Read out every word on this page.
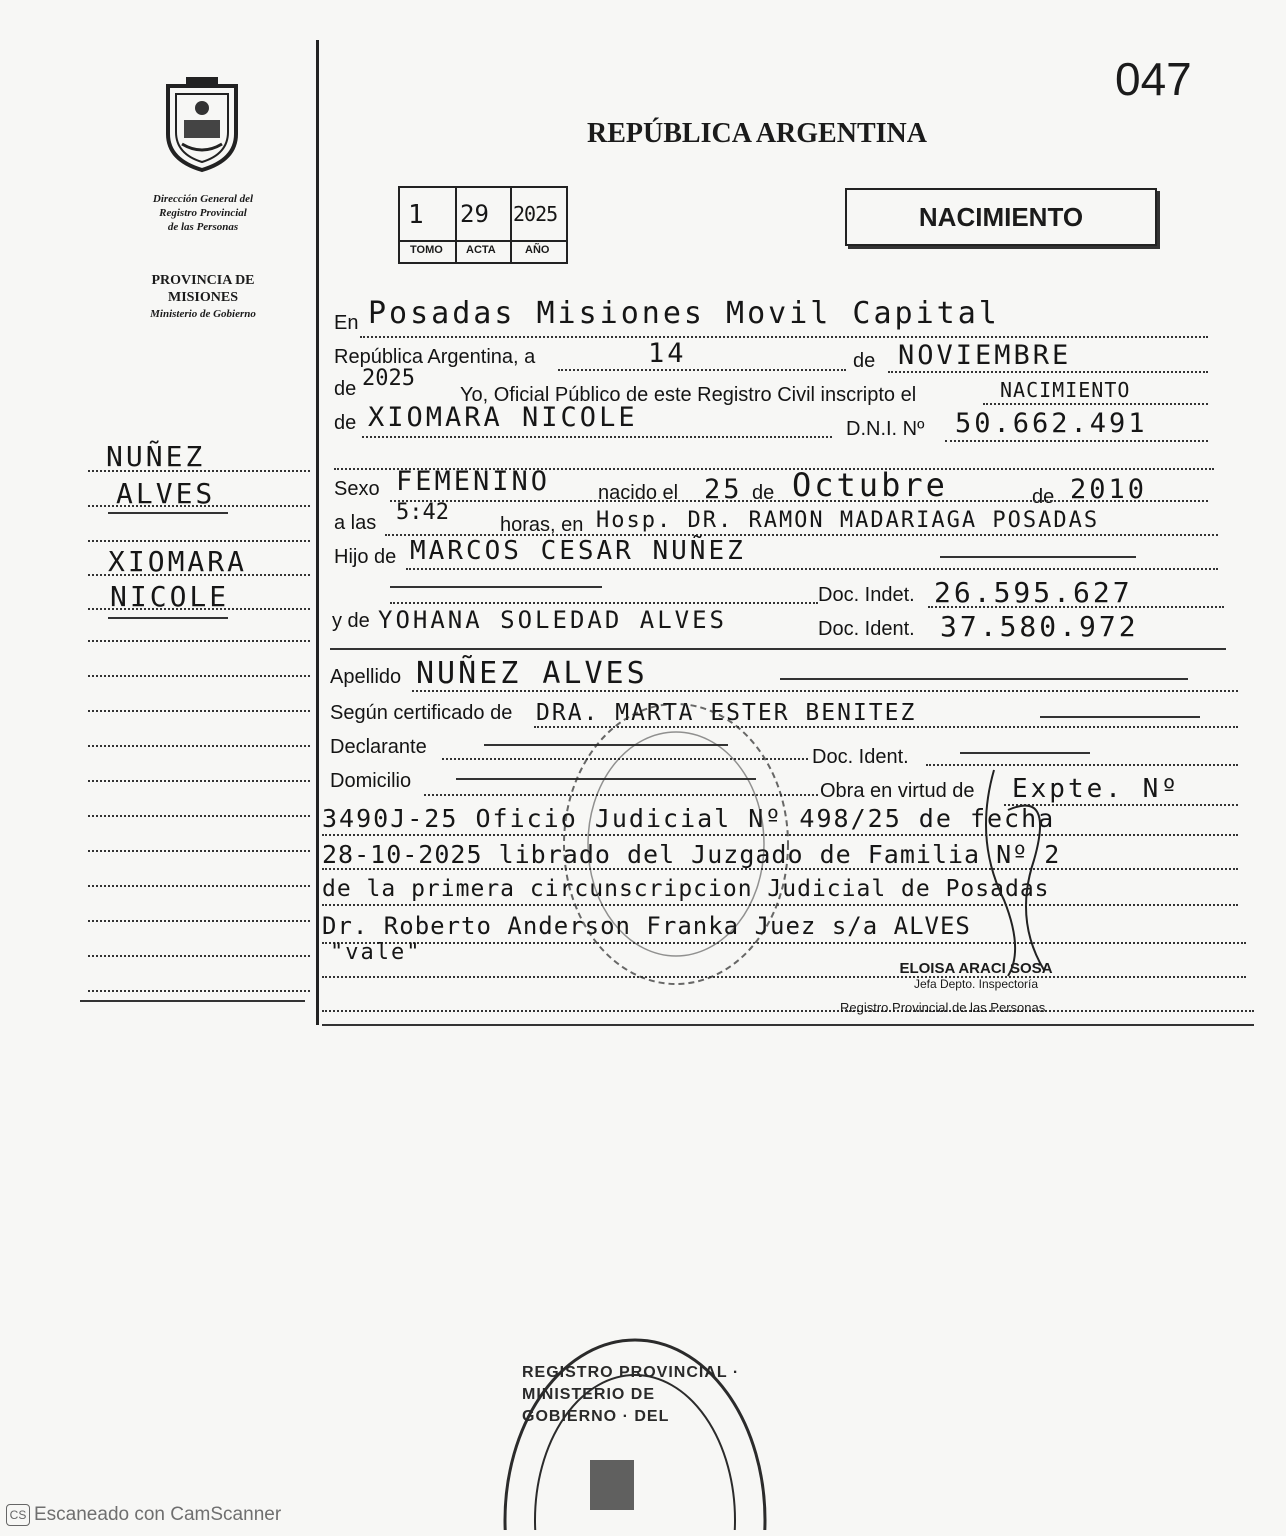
047
Dirección General del
Registro Provincial
de las Personas
PROVINCIA DE
MISIONES
Ministerio de Gobierno
REPÚBLICA ARGENTINA
1 29 2025
TOMO ACTA	AÑO
NACIMIENTO
NUÑEZ
ALVES
XIOMARA
NICOLE
En Posadas Misiones Movil Capital
República Argentina, a	14	de NOVIEMBRE
de 2025
Yo, Oficial Público de este Registro Civil inscripto el	NACIMIENTO
de XIOMARA NICOLE	D.N.I. Nº 50.662.491
Sexo FEMENINO nacido el 25 de Octubre	de 2010
a las 5:42	horas, en Hosp. DR. RAMON MADARIAGA POSADAS
Hijo de MARCOS CESAR NUÑEZ
Doc. Indet. 26.595.627
y de YOHANA SOLEDAD ALVES	Doc. Ident. 37.580.972
Apellido NUÑEZ ALVES
Según certificado de DRA. MARTA ESTER BENITEZ
Declarante	Doc. Ident.
Domicilio	Obra en virtud de Expte. Nº
3490J-25 Oficio Judicial Nº 498/25 de fecha
28-10-2025 librado del Juzgado de Familia Nº 2
de la primera circunscripcion Judicial de Posadas
Dr. Roberto Anderson Franka Juez s/a ALVES
"vale"
ELOISA ARACI SOSA
Jefa Depto. Inspectoría
Registro Provincial de las Personas
REGISTRO PROVINCIAL · MINISTERIO DE GOBIERNO · DEL
CS Escaneado con CamScanner
